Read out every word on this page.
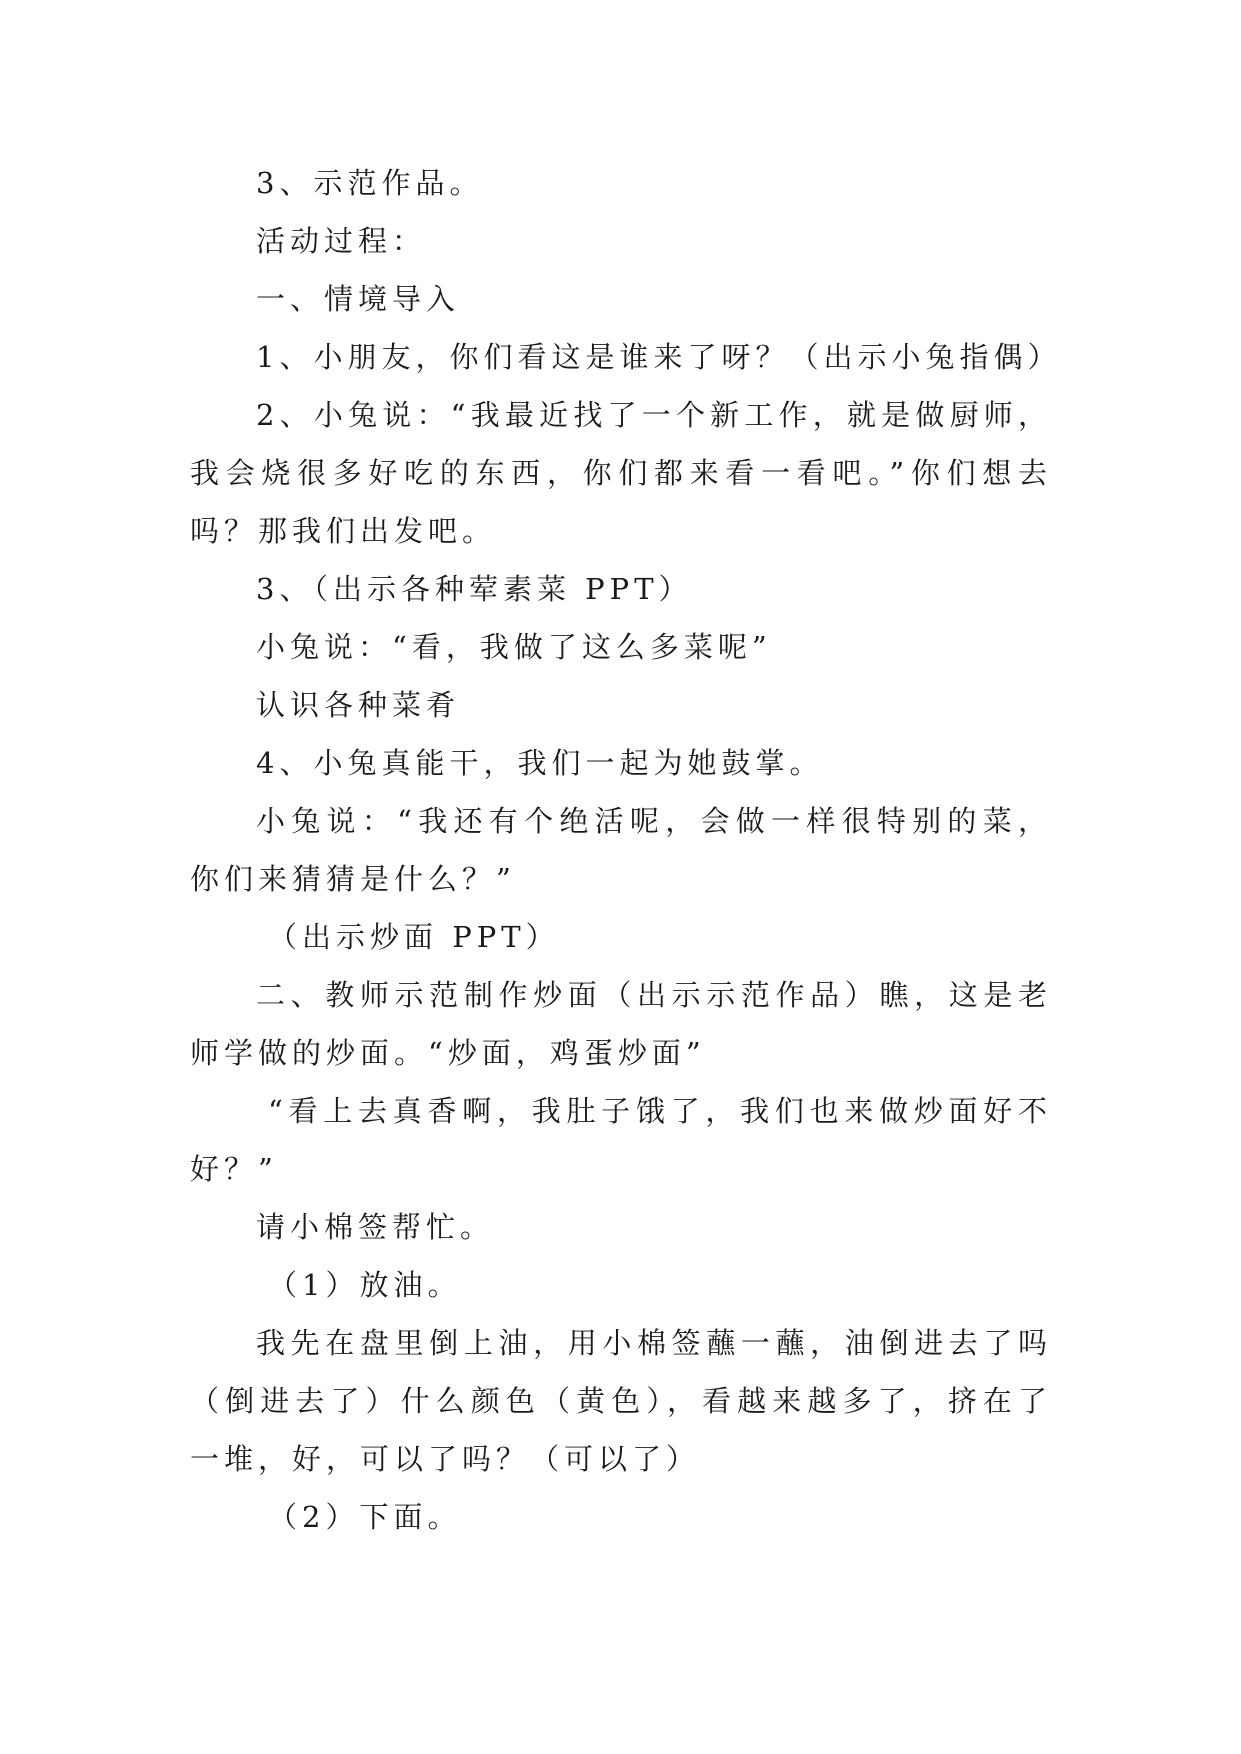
3、示范作品。

活动过程：

一、情境导入

1、小朋友，你们看这是谁来了呀？（出示小兔指偶）

2、小兔说：“我最近找了一个新工作，就是做厨师，我会烧很多好吃的东西，你们都来看一看吧。”你们想去吗？那我们出发吧。

3、（出示各种荤素菜 PPT）

小兔说：“看，我做了这么多菜呢”

认识各种菜肴

4、小兔真能干，我们一起为她鼓掌。

小兔说：“我还有个绝活呢，会做一样很特别的菜，你们来猜猜是什么？”

（出示炒面 PPT）

二、教师示范制作炒面（出示示范作品）瞧，这是老师学做的炒面。“炒面，鸡蛋炒面”

“看上去真香啊，我肚子饿了，我们也来做炒面好不好？”

请小棉签帮忙。

（1）放油。

我先在盘里倒上油，用小棉签蘸一蘸，油倒进去了吗（倒进去了）什么颜色（黄色），看越来越多了，挤在了一堆，好，可以了吗？（可以了）

（2）下面。
